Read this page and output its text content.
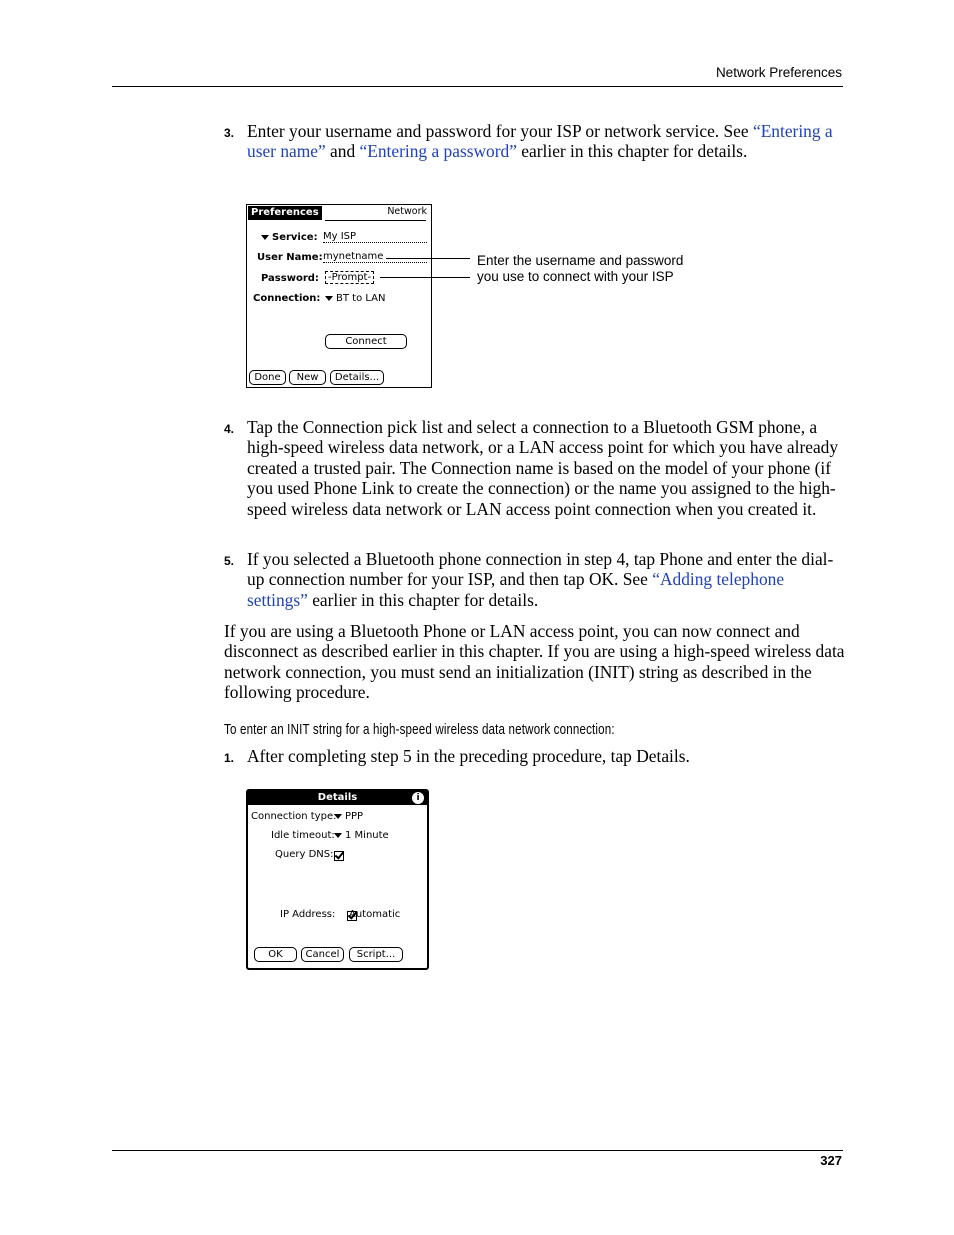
Network Preferences
3. Enter your username and password for your ISP or network service. See “Entering a user name” and “Entering a password” earlier in this chapter for details.
Preferences	Network
Service: My ISP
User Name: mynetname
Password: -Prompt-
Connection:	BT to LAN
Connect
Done	New	Details...
Enter the username and password
you use to connect with your ISP
4. Tap the Connection pick list and select a connection to a Bluetooth GSM phone, a high-speed wireless data network, or a LAN access point for which you have already created a trusted pair. The Connection name is based on the model of your phone (if you used Phone Link to create the connection) or the name you assigned to the high-speed wireless data network or LAN access point connection when you created it.
5. If you selected a Bluetooth phone connection in step 4, tap Phone and enter the dial-up connection number for your ISP, and then tap OK. See “Adding telephone settings” earlier in this chapter for details.
If you are using a Bluetooth Phone or LAN access point, you can now connect and disconnect as described earlier in this chapter. If you are using a high-speed wireless data network connection, you must send an initialization (INIT) string as described in the following procedure.
To enter an INIT string for a high-speed wireless data network connection:
1. After completing step 5 in the preceding procedure, tap Details.
Details	i
Connection type: PPP
Idle timeout:	1 Minute
Query DNS:

IP Address: Automatic
OK	Cancel	Script...
327
